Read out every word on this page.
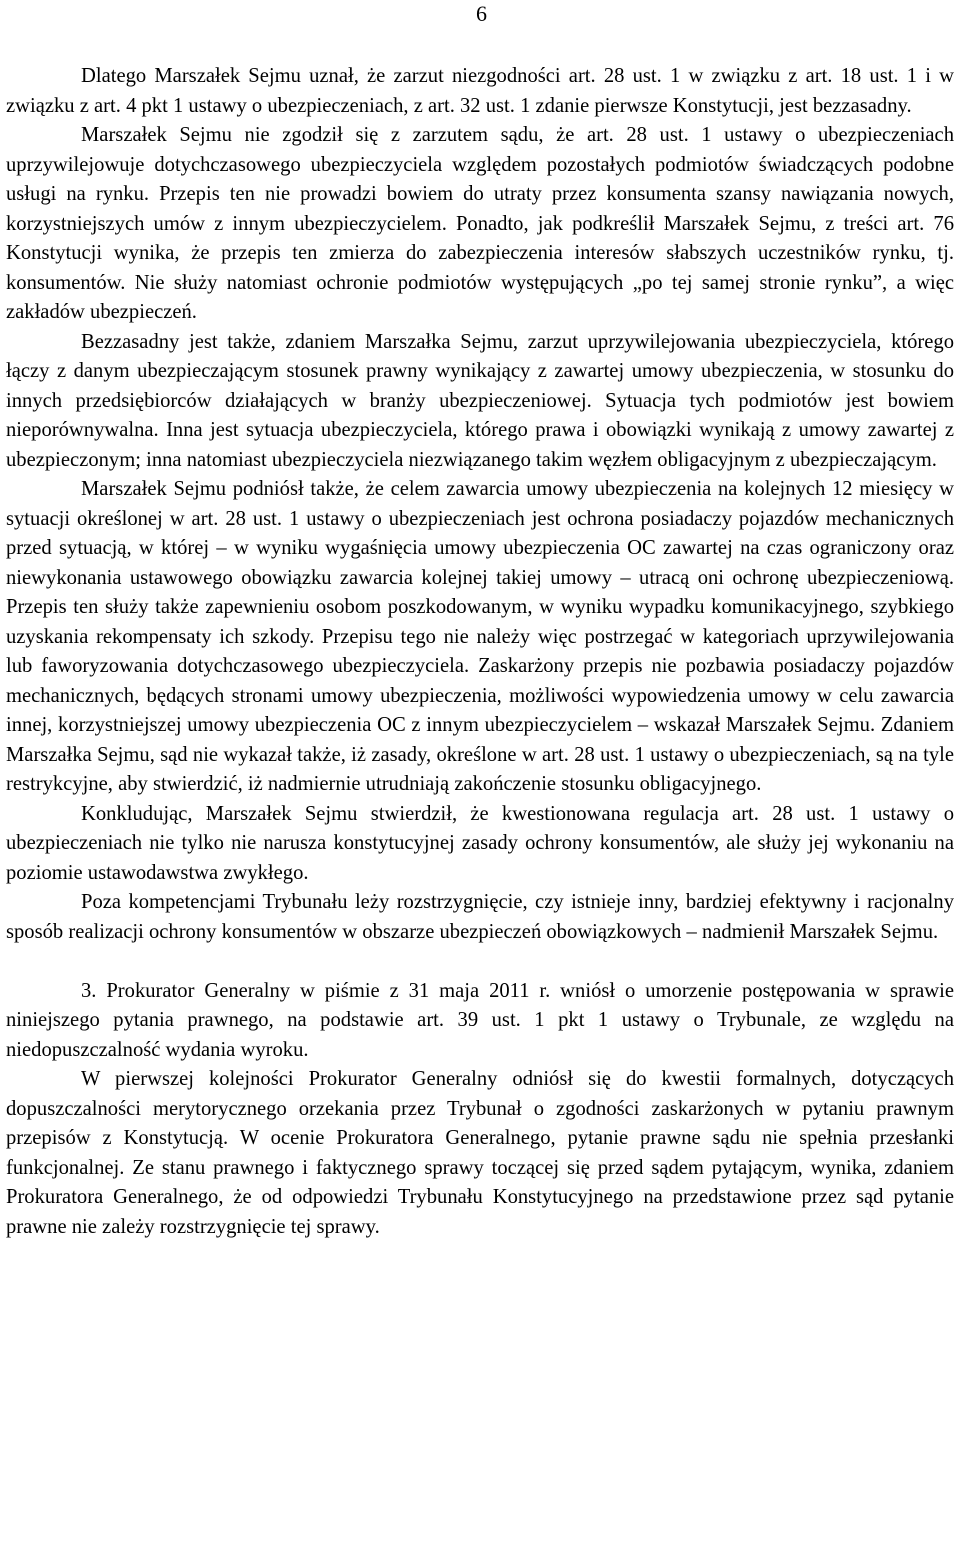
6

Dlatego Marszałek Sejmu uznał, że zarzut niezgodności art. 28 ust. 1 w związku z art. 18 ust. 1 i w związku z art. 4 pkt 1 ustawy o ubezpieczeniach, z art. 32 ust. 1 zdanie pierwsze Konstytucji, jest bezzasadny.

Marszałek Sejmu nie zgodził się z zarzutem sądu, że art. 28 ust. 1 ustawy o ubezpieczeniach uprzywilejowuje dotychczasowego ubezpieczyciela względem pozostałych podmiotów świadczących podobne usługi na rynku. Przepis ten nie prowadzi bowiem do utraty przez konsumenta szansy nawiązania nowych, korzystniejszych umów z innym ubezpieczycielem. Ponadto, jak podkreślił Marszałek Sejmu, z treści art. 76 Konstytucji wynika, że przepis ten zmierza do zabezpieczenia interesów słabszych uczestników rynku, tj. konsumentów. Nie służy natomiast ochronie podmiotów występujących „po tej samej stronie rynku”, a więc zakładów ubezpieczeń.

Bezzasadny jest także, zdaniem Marszałka Sejmu, zarzut uprzywilejowania ubezpieczyciela, którego łączy z danym ubezpieczającym stosunek prawny wynikający z zawartej umowy ubezpieczenia, w stosunku do innych przedsiębiorców działających w branży ubezpieczeniowej. Sytuacja tych podmiotów jest bowiem nieporównywalna. Inna jest sytuacja ubezpieczyciela, którego prawa i obowiązki wynikają z umowy zawartej z ubezpieczonym; inna natomiast ubezpieczyciela niezwiązanego takim węzłem obligacyjnym z ubezpieczającym.

Marszałek Sejmu podniósł także, że celem zawarcia umowy ubezpieczenia na kolejnych 12 miesięcy w sytuacji określonej w art. 28 ust. 1 ustawy o ubezpieczeniach jest ochrona posiadaczy pojazdów mechanicznych przed sytuacją, w której – w wyniku wygaśnięcia umowy ubezpieczenia OC zawartej na czas ograniczony oraz niewykonania ustawowego obowiązku zawarcia kolejnej takiej umowy – utracą oni ochronę ubezpieczeniową. Przepis ten służy także zapewnieniu osobom poszkodowanym, w wyniku wypadku komunikacyjnego, szybkiego uzyskania rekompensaty ich szkody. Przepisu tego nie należy więc postrzegać w kategoriach uprzywilejowania lub faworyzowania dotychczasowego ubezpieczyciela. Zaskarżony przepis nie pozbawia posiadaczy pojazdów mechanicznych, będących stronami umowy ubezpieczenia, możliwości wypowiedzenia umowy w celu zawarcia innej, korzystniejszej umowy ubezpieczenia OC z innym ubezpieczycielem – wskazał Marszałek Sejmu. Zdaniem Marszałka Sejmu, sąd nie wykazał także, iż zasady, określone w art. 28 ust. 1 ustawy o ubezpieczeniach, są na tyle restrykcyjne, aby stwierdzić, iż nadmiernie utrudniają zakończenie stosunku obligacyjnego.

Konkludując, Marszałek Sejmu stwierdził, że kwestionowana regulacja art. 28 ust. 1 ustawy o ubezpieczeniach nie tylko nie narusza konstytucyjnej zasady ochrony konsumentów, ale służy jej wykonaniu na poziomie ustawodawstwa zwykłego.

Poza kompetencjami Trybunału leży rozstrzygnięcie, czy istnieje inny, bardziej efektywny i racjonalny sposób realizacji ochrony konsumentów w obszarze ubezpieczeń obowiązkowych – nadmienił Marszałek Sejmu.

3. Prokurator Generalny w piśmie z 31 maja 2011 r. wniósł o umorzenie postępowania w sprawie niniejszego pytania prawnego, na podstawie art. 39 ust. 1 pkt 1 ustawy o Trybunale, ze względu na niedopuszczalność wydania wyroku.

W pierwszej kolejności Prokurator Generalny odniósł się do kwestii formalnych, dotyczących dopuszczalności merytorycznego orzekania przez Trybunał o zgodności zaskarżonych w pytaniu prawnym przepisów z Konstytucją. W ocenie Prokuratora Generalnego, pytanie prawne sądu nie spełnia przesłanki funkcjonalnej. Ze stanu prawnego i faktycznego sprawy toczącej się przed sądem pytającym, wynika, zdaniem Prokuratora Generalnego, że od odpowiedzi Trybunału Konstytucyjnego na przedstawione przez sąd pytanie prawne nie zależy rozstrzygnięcie tej sprawy.
